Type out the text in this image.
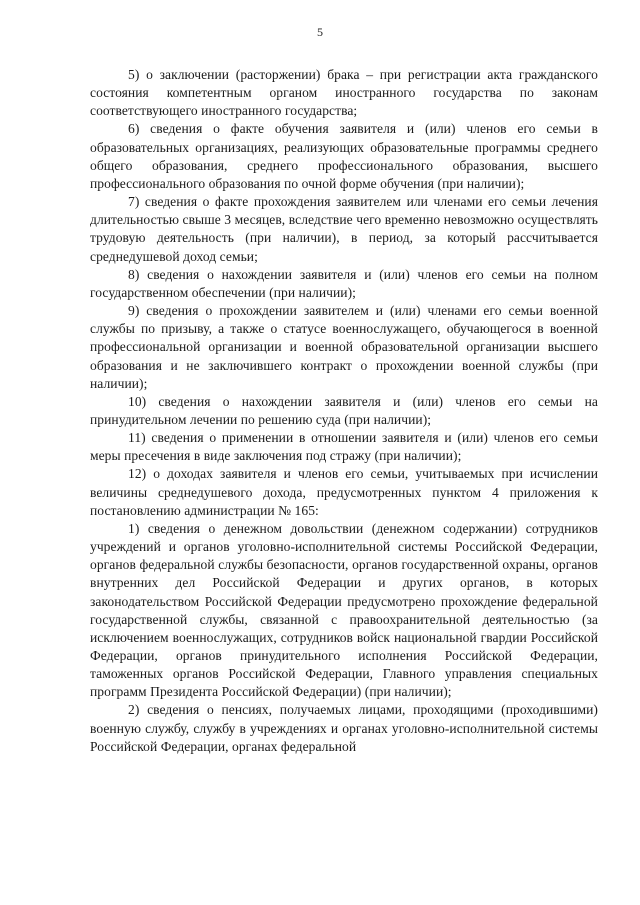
5

5) о заключении (расторжении) брака – при регистрации акта гражданского состояния компетентным органом иностранного государства по законам соответствующего иностранного государства;

6) сведения о факте обучения заявителя и (или) членов его семьи в образовательных организациях, реализующих образовательные программы среднего общего образования, среднего профессионального образования, высшего профессионального образования по очной форме обучения (при наличии);

7) сведения о факте прохождения заявителем или членами его семьи лечения длительностью свыше 3 месяцев, вследствие чего временно невозможно осуществлять трудовую деятельность (при наличии), в период, за который рассчитывается среднедушевой доход семьи;

8) сведения о нахождении заявителя и (или) членов его семьи на полном государственном обеспечении (при наличии);

9) сведения о прохождении заявителем и (или) членами его семьи военной службы по призыву, а также о статусе военнослужащего, обучающегося в военной профессиональной организации и военной образовательной организации высшего образования и не заключившего контракт о прохождении военной службы (при наличии);

10) сведения о нахождении заявителя и (или) членов его семьи на принудительном лечении по решению суда (при наличии);

11) сведения о применении в отношении заявителя и (или) членов его семьи меры пресечения в виде заключения под стражу (при наличии);

12) о доходах заявителя и членов его семьи, учитываемых при исчислении величины среднедушевого дохода, предусмотренных пунктом 4 приложения к постановлению администрации № 165:

1) сведения о денежном довольствии (денежном содержании) сотрудников учреждений и органов уголовно-исполнительной системы Российской Федерации, органов федеральной службы безопасности, органов государственной охраны, органов внутренних дел Российской Федерации и других органов, в которых законодательством Российской Федерации предусмотрено прохождение федеральной государственной службы, связанной с правоохранительной деятельностью (за исключением военнослужащих, сотрудников войск национальной гвардии Российской Федерации, органов принудительного исполнения Российской Федерации, таможенных органов Российской Федерации, Главного управления специальных программ Президента Российской Федерации) (при наличии);

2) сведения о пенсиях, получаемых лицами, проходящими (проходившими) военную службу, службу в учреждениях и органах уголовно-исполнительной системы Российской Федерации, органах федеральной
